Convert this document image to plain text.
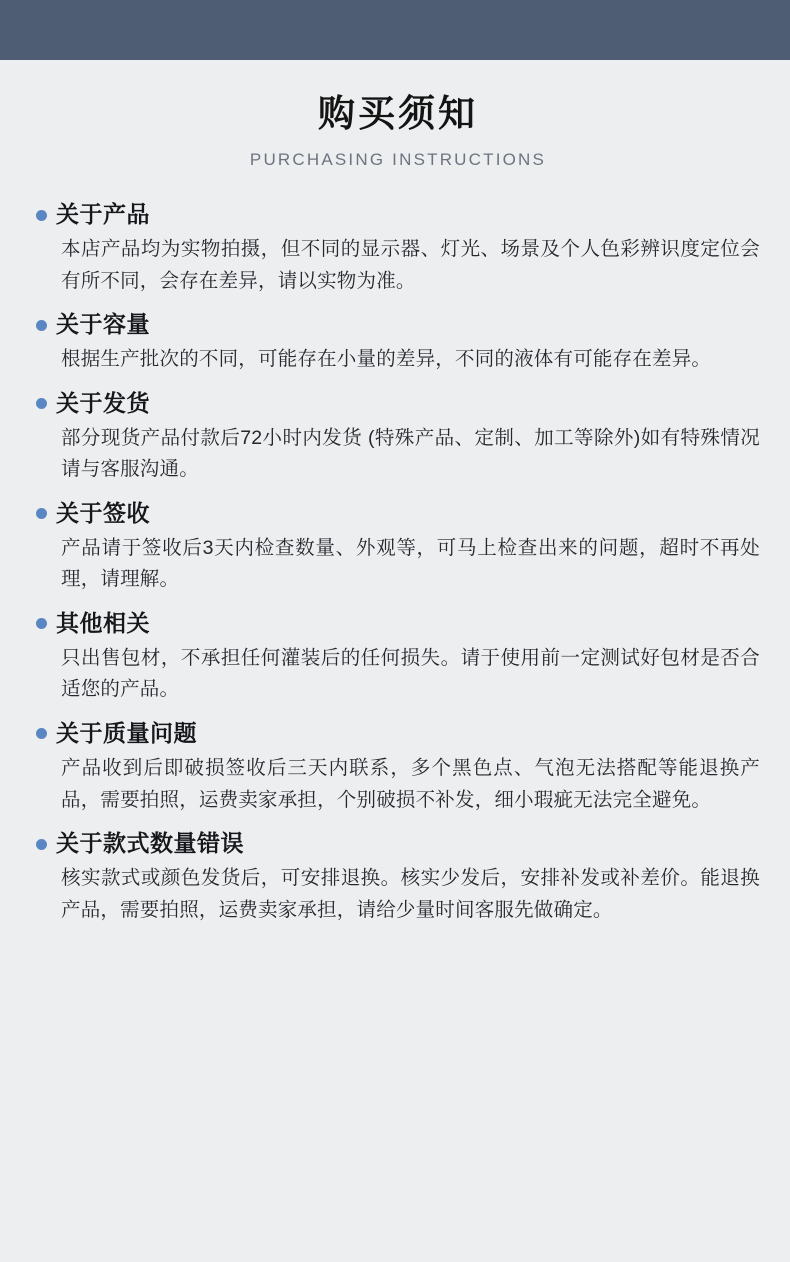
购买须知
PURCHASING INSTRUCTIONS
关于产品
本店产品均为实物拍摄，但不同的显示器、灯光、场景及个人色彩辨识度定位会有所不同，会存在差异，请以实物为准。
关于容量
根据生产批次的不同，可能存在小量的差异，不同的液体有可能存在差异。
关于发货
部分现货产品付款后72小时内发货 (特殊产品、定制、加工等除外)如有特殊情况请与客服沟通。
关于签收
产品请于签收后3天内检查数量、外观等，可马上检查出来的问题，超时不再处理，请理解。
其他相关
只出售包材，不承担任何灌装后的任何损失。请于使用前一定测试好包材是否合适您的产品。
关于质量问题
产品收到后即破损签收后三天内联系，多个黑色点、气泡无法搭配等能退换产品，需要拍照，运费卖家承担，个别破损不补发，细小瑕疵无法完全避免。
关于款式数量错误
核实款式或颜色发货后，可安排退换。核实少发后，安排补发或补差价。能退换产品，需要拍照，运费卖家承担，请给少量时间客服先做确定。
